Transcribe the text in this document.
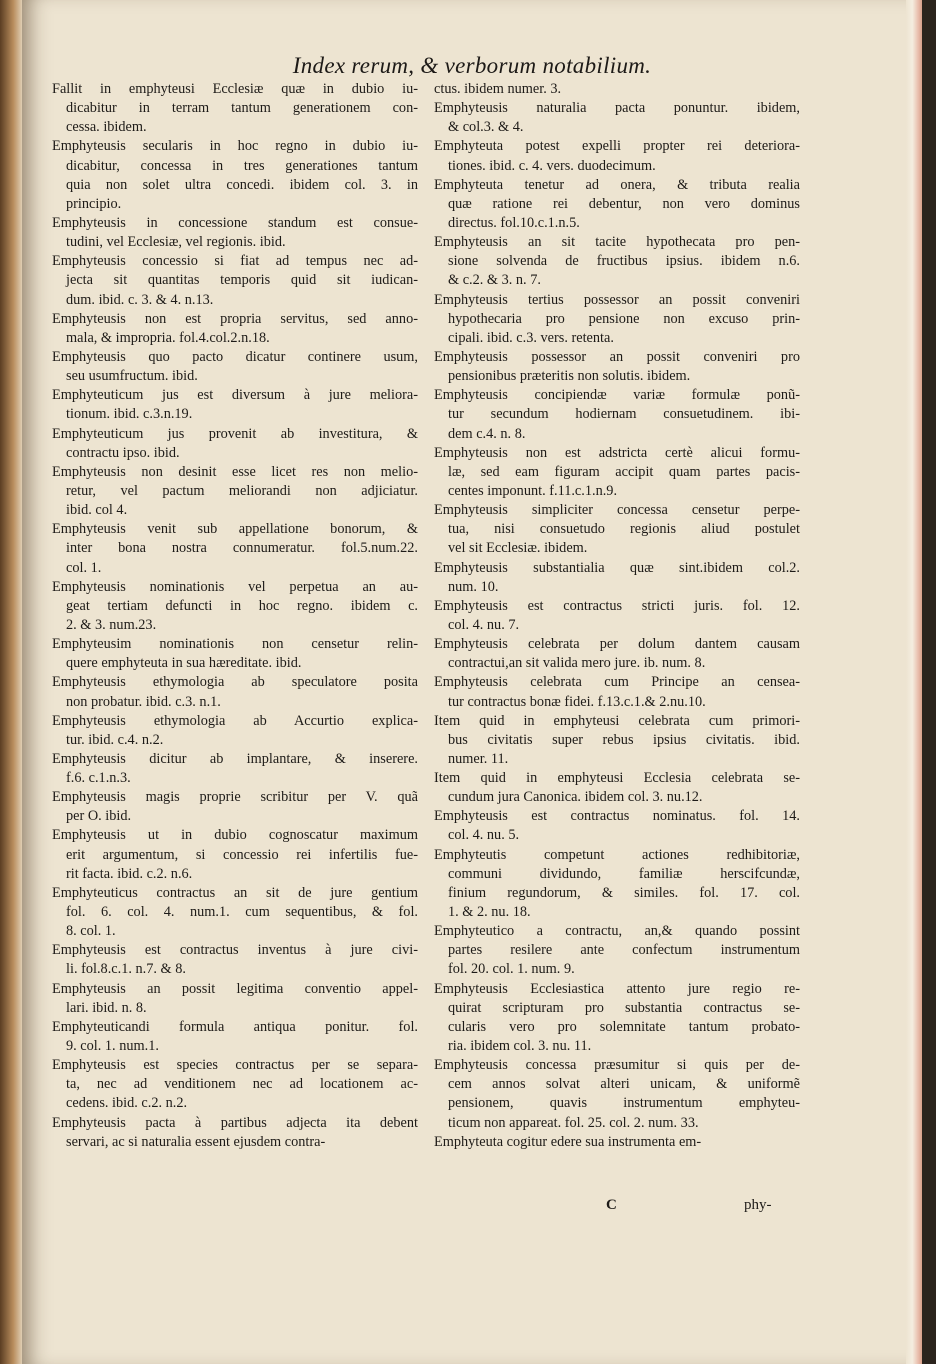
Index rerum, & verborum notabilium.
Fallit in emphyteusi Ecclesiæ quæ in dubio iu-
dicabitur in terram tantum generationem con-
cessa. ibidem.
Emphyteusis secularis in hoc regno in dubio iu-
dicabitur, concessa in tres generationes tantum
quia non solet ultra concedi. ibidem col. 3. in
principio.
Emphyteusis in concessione standum est consue-
tudini, vel Ecclesiæ, vel regionis. ibid.
Emphyteusis concessio si fiat ad tempus nec ad-
jecta sit quantitas temporis quid sit iudican-
dum. ibid. c. 3. & 4. n.13.
Emphyteusis non est propria servitus, sed anno-
mala, & impropria. fol.4.col.2.n.18.
Emphyteusis quo pacto dicatur continere usum,
seu usumfructum. ibid.
Emphyteuticum jus est diversum à jure meliora-
tionum. ibid. c.3.n.19.
Emphyteuticum jus provenit ab investitura, &
contractu ipso. ibid.
Emphyteusis non desinit esse licet res non melio-
retur, vel pactum meliorandi non adjiciatur.
ibid. col 4.
Emphyteusis venit sub appellatione bonorum, &
inter bona nostra connumeratur. fol.5.num.22.
col. 1.
Emphyteusis nominationis vel perpetua an au-
geat tertiam defuncti in hoc regno. ibidem c.
2. & 3. num.23.
Emphyteusim nominationis non censetur relin-
quere emphyteuta in sua hæreditate. ibid.
Emphyteusis ethymologia ab speculatore posita
non probatur. ibid. c.3. n.1.
Emphyteusis ethymologia ab Accurtio explica-
tur. ibid. c.4. n.2.
Emphyteusis dicitur ab implantare, & inserere.
f.6. c.1.n.3.
Emphyteusis magis proprie scribitur per V. quã
per O. ibid.
Emphyteusis ut in dubio cognoscatur maximum
erit argumentum, si concessio rei infertilis fue-
rit facta. ibid. c.2. n.6.
Emphyteuticus contractus an sit de jure gentium
fol. 6. col. 4. num.1. cum sequentibus, & fol.
8. col. 1.
Emphyteusis est contractus inventus à jure civi-
li. fol.8.c.1. n.7. & 8.
Emphyteusis an possit legitima conventio appel-
lari. ibid. n. 8.
Emphyteuticandi formula antiqua ponitur. fol.
9. col. 1. num.1.
Emphyteusis est species contractus per se separa-
ta, nec ad venditionem nec ad locationem ac-
cedens. ibid. c.2. n.2.
Emphyteusis pacta à partibus adjecta ita debent
servari, ac si naturalia essent ejusdem contra-
ctus. ibidem numer. 3.
Emphyteusis naturalia pacta ponuntur. ibidem,
& col.3. & 4.
Emphyteuta potest expelli propter rei deteriora-
tiones. ibid. c. 4. vers. duodecimum.
Emphyteuta tenetur ad onera, & tributa realia
quæ ratione rei debentur, non vero dominus
directus. fol.10.c.1.n.5.
Emphyteusis an sit tacite hypothecata pro pen-
sione solvenda de fructibus ipsius. ibidem n.6.
& c.2. & 3. n. 7.
Emphyteusis tertius possessor an possit conveniri
hypothecaria pro pensione non excuso prin-
cipali. ibid. c.3. vers. retenta.
Emphyteusis possessor an possit conveniri pro
pensionibus præteritis non solutis. ibidem.
Emphyteusis concipiendæ variæ formulæ ponũ-
tur secundum hodiernam consuetudinem. ibi-
dem c.4. n. 8.
Emphyteusis non est adstricta certè alicui formu-
læ, sed eam figuram accipit quam partes pacis-
centes imponunt. f.11.c.1.n.9.
Emphyteusis simpliciter concessa censetur perpe-
tua, nisi consuetudo regionis aliud postulet
vel sit Ecclesiæ. ibidem.
Emphyteusis substantialia quæ sint.ibidem col.2.
num. 10.
Emphyteusis est contractus stricti juris. fol. 12.
col. 4. nu. 7.
Emphyteusis celebrata per dolum dantem causam
contractui,an sit valida mero jure. ib. num. 8.
Emphyteusis celebrata cum Principe an censea-
tur contractus bonæ fidei. f.13.c.1.& 2.nu.10.
Item quid in emphyteusi celebrata cum primori-
bus civitatis super rebus ipsius civitatis. ibid.
numer. 11.
Item quid in emphyteusi Ecclesia celebrata se-
cundum jura Canonica. ibidem col. 3. nu.12.
Emphyteusis est contractus nominatus. fol. 14.
col. 4. nu. 5.
Emphyteutis competunt actiones redhibitoriæ,
communi dividundo, familiæ herscifcundæ,
finium regundorum, & similes. fol. 17. col.
1. & 2. nu. 18.
Emphyteutico a contractu, an,& quando possint
partes resilere ante confectum instrumentum
fol. 20. col. 1. num. 9.
Emphyteusis Ecclesiastica attento jure regio re-
quirat scripturam pro substantia contractus se-
cularis vero pro solemnitate tantum probato-
ria. ibidem col. 3. nu. 11.
Emphyteusis concessa præsumitur si quis per de-
cem annos solvat alteri unicam, & uniformẽ
pensionem, quavis instrumentum emphyteu-
ticum non appareat. fol. 25. col. 2. num. 33.
Emphyteuta cogitur edere sua instrumenta em-
C	phy-
